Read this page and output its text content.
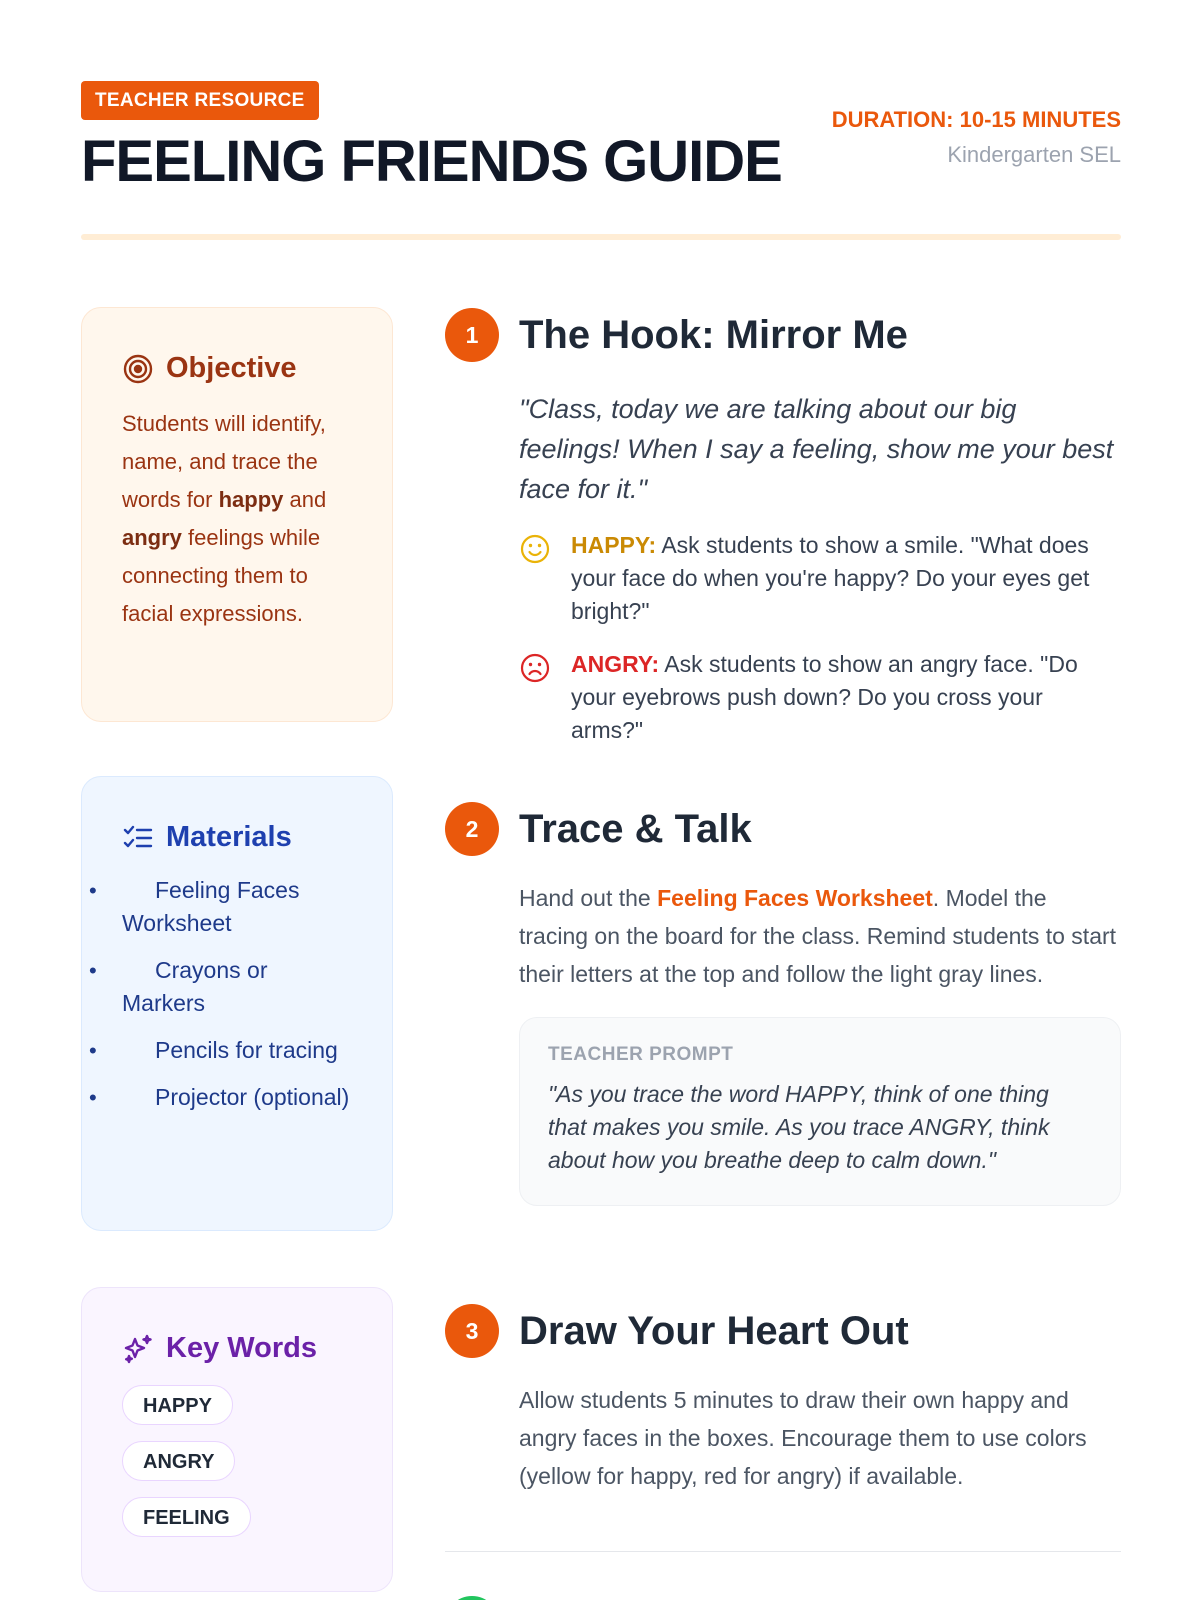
TEACHER RESOURCE
FEELING FRIENDS GUIDE
DURATION: 10-15 MINUTES
Kindergarten SEL
Objective

Students will identify, name, and trace the words for happy and angry feelings while connecting them to facial expressions.

Materials
• Feeling Faces Worksheet
• Crayons or Markers
• Pencils for tracing
• Projector (optional)
Key Words
HAPPY
ANGRY
FEELING
1	The Hook: Mirror Me

"Class, today we are talking about our big feelings! When I say a feeling, show me your best face for it."

HAPPY: Ask students to show a smile. "What does your face do when you're happy? Do your eyes get bright?"

ANGRY: Ask students to show an angry face. "Do your eyebrows push down? Do you cross your arms?"

2	Trace & Talk

Hand out the Feeling Faces Worksheet. Model the tracing on the board for the class. Remind students to start their letters at the top and follow the light gray lines.

TEACHER PROMPT

"As you trace the word HAPPY, think of one thing that makes you smile. As you trace ANGRY, think about how you breathe deep to calm down."

3	Draw Your Heart Out

Allow students 5 minutes to draw their own happy and angry faces in the boxes. Encourage them to use colors (yellow for happy, red for angry) if available.
